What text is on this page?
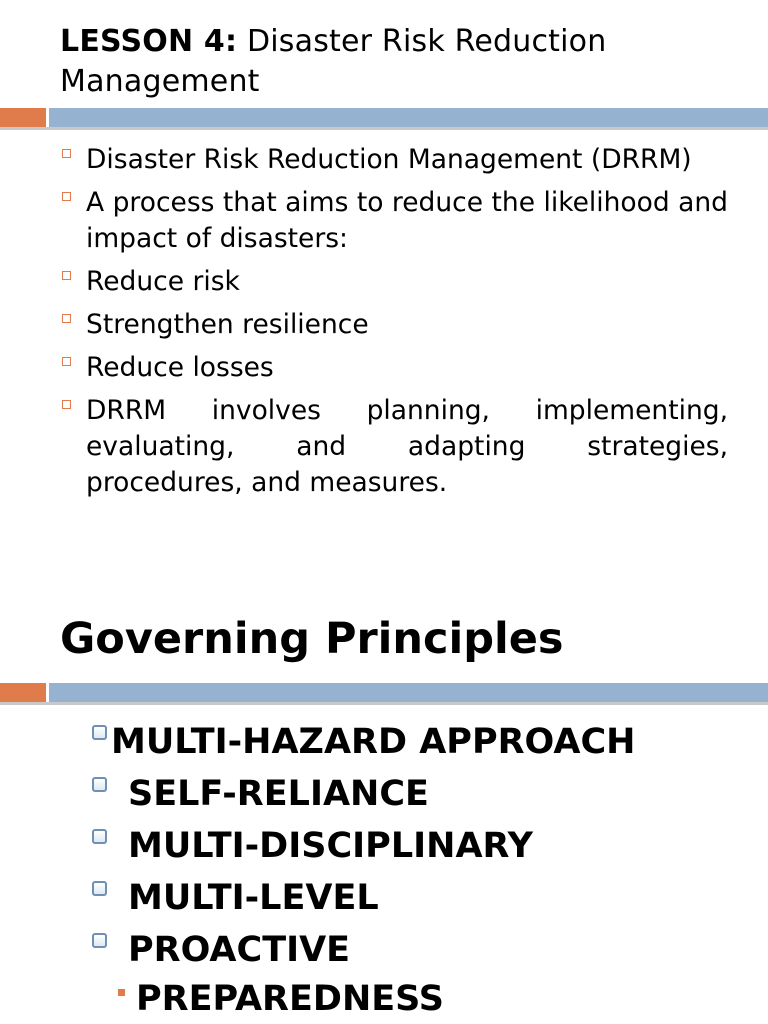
LESSON 4: Disaster Risk Reduction Management
Disaster Risk Reduction Management (DRRM)
A process that aims to reduce the likelihood and impact of disasters:
Reduce risk
Strengthen resilience
Reduce losses
DRRM involves planning, implementing, evaluating, and adapting strategies, procedures, and measures.
Governing Principles
MULTI-HAZARD APPROACH
SELF-RELIANCE
MULTI-DISCIPLINARY
MULTI-LEVEL
PROACTIVE
PREPAREDNESS
